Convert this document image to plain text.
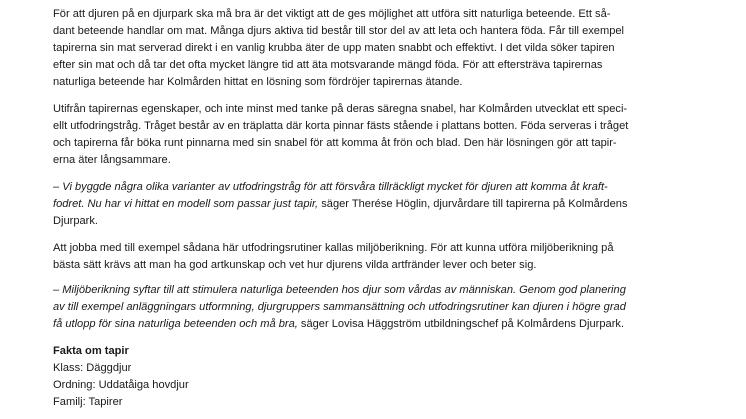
För att djuren på en djurpark ska må bra är det viktigt att de ges möjlighet att utföra sitt naturliga beteende. Ett så-
dant beteende handlar om mat. Många djurs aktiva tid består till stor del av att leta och hantera föda. Får till exempel
tapirerna sin mat serverad direkt i en vanlig krubba äter de upp maten snabbt och effektivt. I det vilda söker tapiren
efter sin mat och då tar det ofta mycket längre tid att äta motsvarande mängd föda. För att eftersträva tapirernas
naturliga beteende har Kolmården hittat en lösning som fördröjer tapirernas ätande.

Utifrån tapirernas egenskaper, och inte minst med tanke på deras säregna snabel, har Kolmården utvecklat ett speci-
ellt utfodringstråg. Tråget består av en träplatta där korta pinnar fästs stående i plattans botten. Föda serveras i tråget
och tapirerna får böka runt pinnarna med sin snabel för att komma åt frön och blad. Den här lösningen gör att tapir-
erna äter långsammare.

– Vi byggde några olika varianter av utfodringstråg för att försvåra tillräckligt mycket för djuren att komma åt kraft-
fodret. Nu har vi hittat en modell som passar just tapir, säger Therése Höglin, djurvårdare till tapirerna på Kolmårdens
Djurpark.

Att jobba med till exempel sådana här utfodringsrutiner kallas miljöberikning. För att kunna utföra miljöberikning på
bästa sätt krävs att man ha god artkunskap och vet hur djurens vilda artfränder lever och beter sig.

– Miljöberikning syftar till att stimulera naturliga beteenden hos djur som vårdas av människan. Genom god planering
av till exempel anläggningars utformning, djurgruppers sammansättning och utfodringsrutiner kan djuren i högre grad
få utlopp för sina naturliga beteenden och må bra, säger Lovisa Häggström utbildningschef på Kolmårdens Djurpark.

Fakta om tapir
Klass: Däggdjur
Ordning: Uddatåiga hovdjur
Familj: Tapirer
